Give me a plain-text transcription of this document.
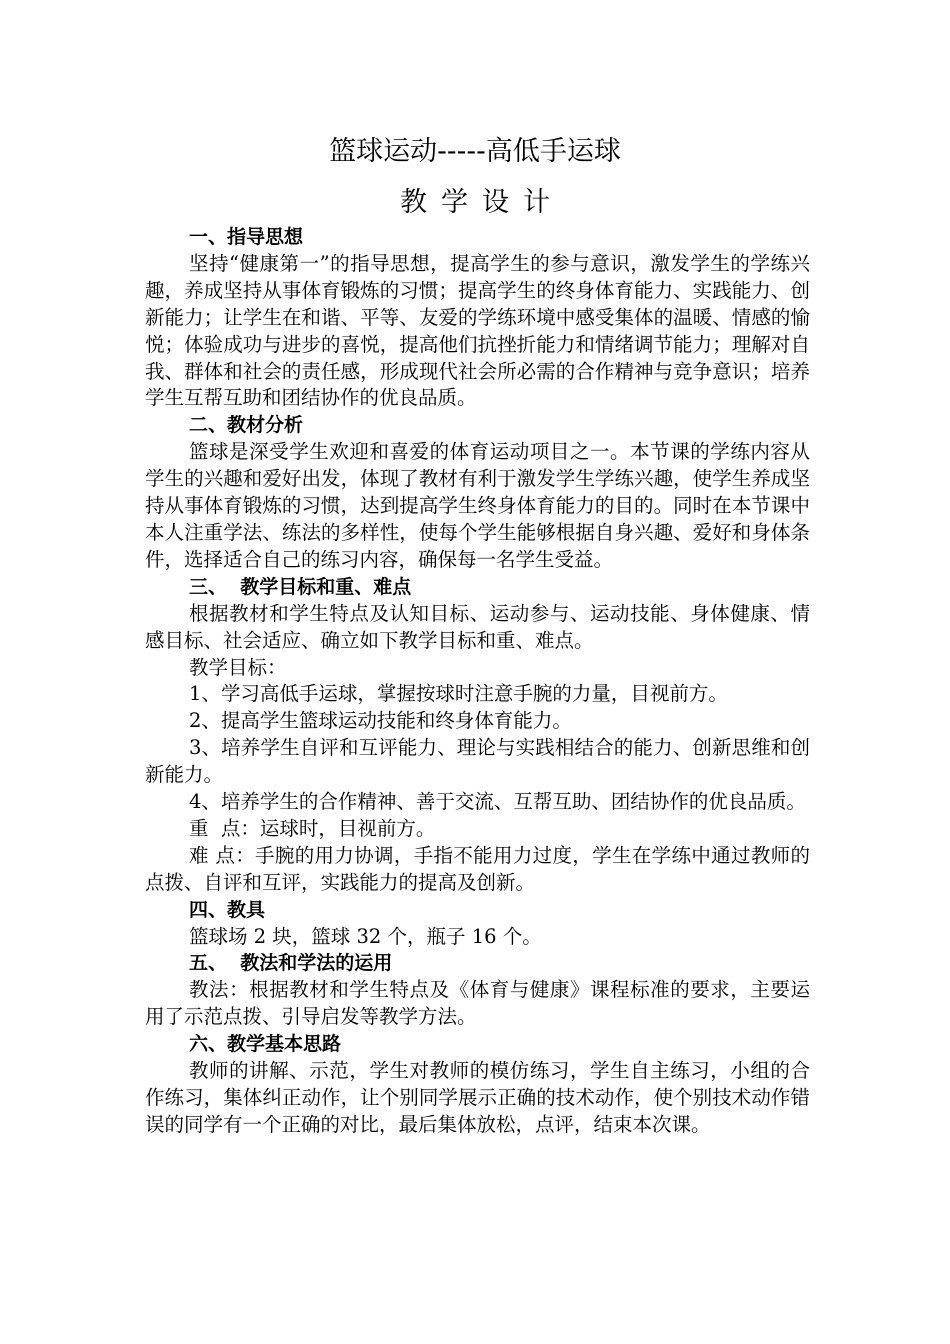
篮球运动-----高低手运球
教学设计

一、指导思想

坚持“健康第一”的指导思想，提高学生的参与意识，激发学生的学练兴趣，养成坚持从事体育锻炼的习惯；提高学生的终身体育能力、实践能力、创新能力；让学生在和谐、平等、友爱的学练环境中感受集体的温暖、情感的愉悦；体验成功与进步的喜悦，提高他们抗挫折能力和情绪调节能力；理解对自我、群体和社会的责任感，形成现代社会所必需的合作精神与竞争意识；培养学生互帮互助和团结协作的优良品质。

二、教材分析

篮球是深受学生欢迎和喜爱的体育运动项目之一。本节课的学练内容从学生的兴趣和爱好出发，体现了教材有利于激发学生学练兴趣，使学生养成坚持从事体育锻炼的习惯，达到提高学生终身体育能力的目的。同时在本节课中本人注重学法、练法的多样性，使每个学生能够根据自身兴趣、爱好和身体条件，选择适合自己的练习内容，确保每一名学生受益。

三、  教学目标和重、难点

根据教材和学生特点及认知目标、运动参与、运动技能、身体健康、情感目标、社会适应、确立如下教学目标和重、难点。

教学目标：

1、学习高低手运球，掌握按球时注意手腕的力量，目视前方。

2、提高学生篮球运动技能和终身体育能力。

3、培养学生自评和互评能力、理论与实践相结合的能力、创新思维和创新能力。

4、培养学生的合作精神、善于交流、互帮互助、团结协作的优良品质。

重  点：运球时，目视前方。

难 点：手腕的用力协调，手指不能用力过度，学生在学练中通过教师的点拨、自评和互评，实践能力的提高及创新。

四、教具

篮球场 2 块，篮球 32 个，瓶子 16 个。

五、  教法和学法的运用

教法：根据教材和学生特点及《体育与健康》课程标准的要求，主要运用了示范点拨、引导启发等教学方法。

六、教学基本思路

教师的讲解、示范，学生对教师的模仿练习，学生自主练习，小组的合作练习，集体纠正动作，让个别同学展示正确的技术动作，使个别技术动作错误的同学有一个正确的对比，最后集体放松，点评，结束本次课。
